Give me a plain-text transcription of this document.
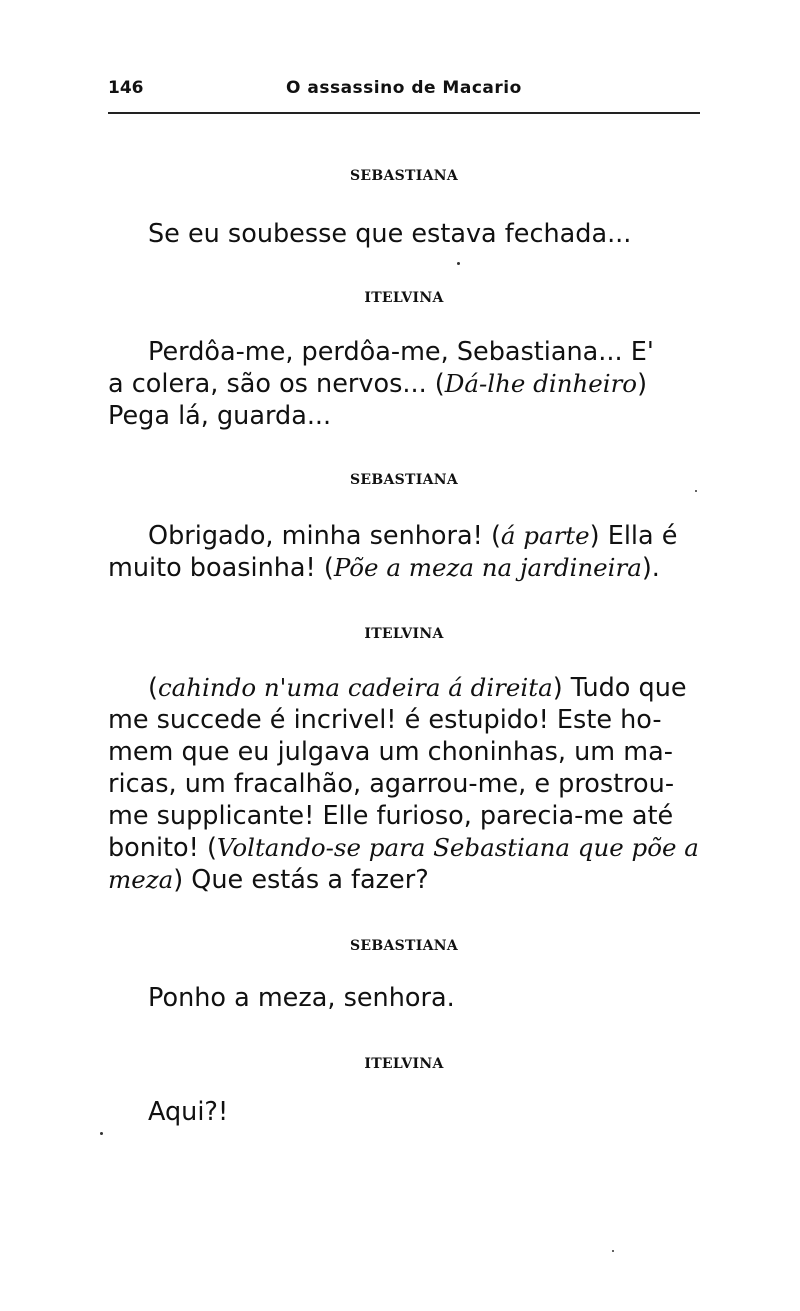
146	O assassino de Macario
SEBASTIANA
Se eu soubesse que estava fechada...
ITELVINA
Perdôa-me, perdôa-me, Sebastiana... E'
a colera, são os nervos... (Dá-lhe dinheiro)
Pega lá, guarda...
SEBASTIANA
Obrigado, minha senhora! (á parte) Ella é
muito boasinha! (Põe a meza na jardineira).
ITELVINA
(cahindo n'uma cadeira á direita) Tudo que
me succede é incrivel! é estupido! Este ho-
mem que eu julgava um choninhas, um ma-
ricas, um fracalhão, agarrou-me, e prostrou-
me supplicante! Elle furioso, parecia-me até
bonito! (Voltando-se para Sebastiana que põe a
meza) Que estás a fazer?
SEBASTIANA
Ponho a meza, senhora.
ITELVINA
Aqui?!
